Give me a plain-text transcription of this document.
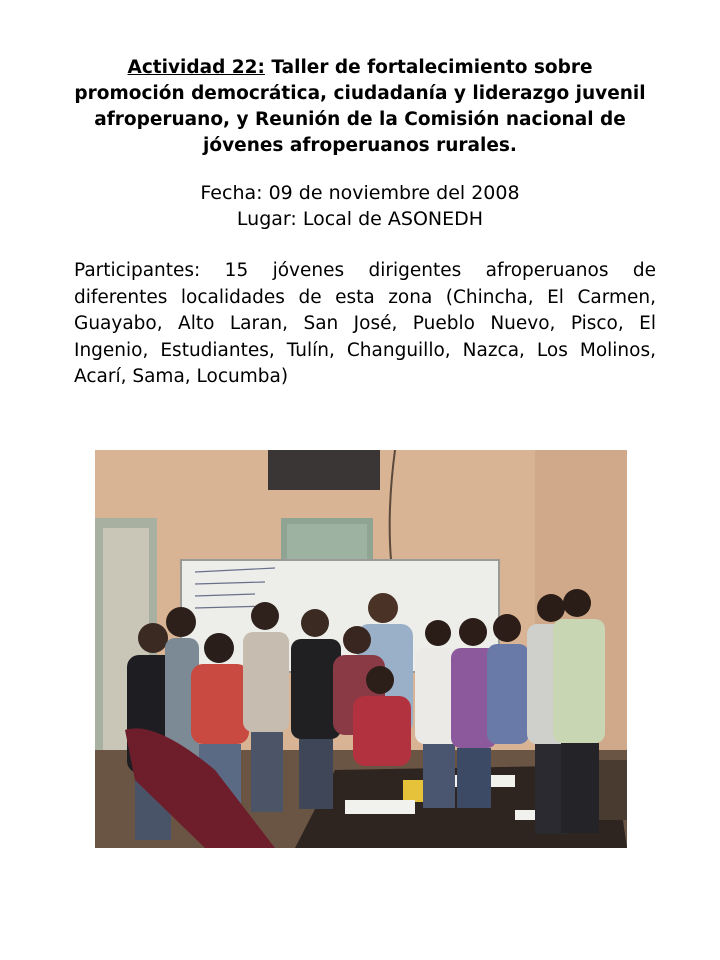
Actividad 22: Taller de fortalecimiento sobre
promoción democrática, ciudadanía y liderazgo juvenil
afroperuano, y Reunión de la Comisión nacional de
jóvenes afroperuanos rurales.
Fecha: 09 de noviembre del 2008
Lugar: Local de ASONEDH
Participantes: 15 jóvenes dirigentes afroperuanos de diferentes localidades de esta zona (Chincha, El Carmen, Guayabo, Alto Laran, San José, Pueblo Nuevo, Pisco, El Ingenio, Estudiantes, Tulín, Changuillo, Nazca, Los Molinos, Acarí, Sama, Locumba)
